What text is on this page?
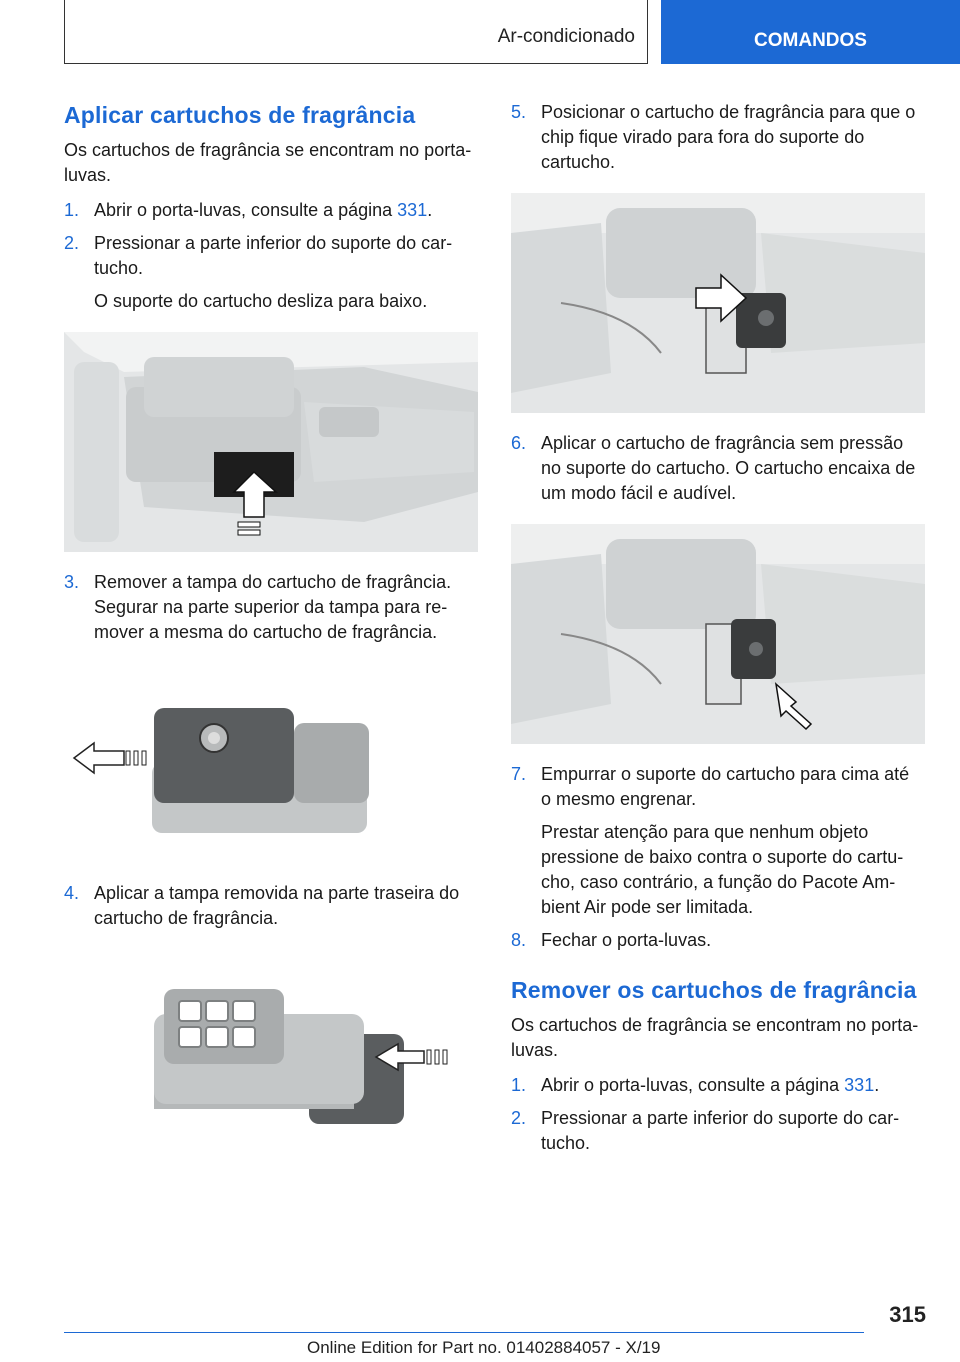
Ar-condicionado	COMANDOS
Aplicar cartuchos de fragrância

Os cartuchos de fragrância se encontram no porta-luvas.

1. Abrir o porta-luvas, consulte a página 331.
2. Pressionar a parte inferior do suporte do car-tucho.
O suporte do cartucho desliza para baixo.
3. Remover a tampa do cartucho de fragrância. Segurar na parte superior da tampa para re-mover a mesma do cartucho de fragrância.
4. Aplicar a tampa removida na parte traseira do cartucho de fragrância.
5. Posicionar o cartucho de fragrância para que o chip fique virado para fora do suporte do cartucho.
6. Aplicar o cartucho de fragrância sem pressão no suporte do cartucho. O cartucho encaixa de um modo fácil e audível.
7. Empurrar o suporte do cartucho para cima até o mesmo engrenar.
Prestar atenção para que nenhum objeto pressione de baixo contra o suporte do cartu-cho, caso contrário, a função do Pacote Am-bient Air pode ser limitada.
8. Fechar o porta-luvas.
Remover os cartuchos de fragrância

Os cartuchos de fragrância se encontram no porta-luvas.

1. Abrir o porta-luvas, consulte a página 331.
2. Pressionar a parte inferior do suporte do car-tucho.
315
Online Edition for Part no. 01402884057 - X/19
